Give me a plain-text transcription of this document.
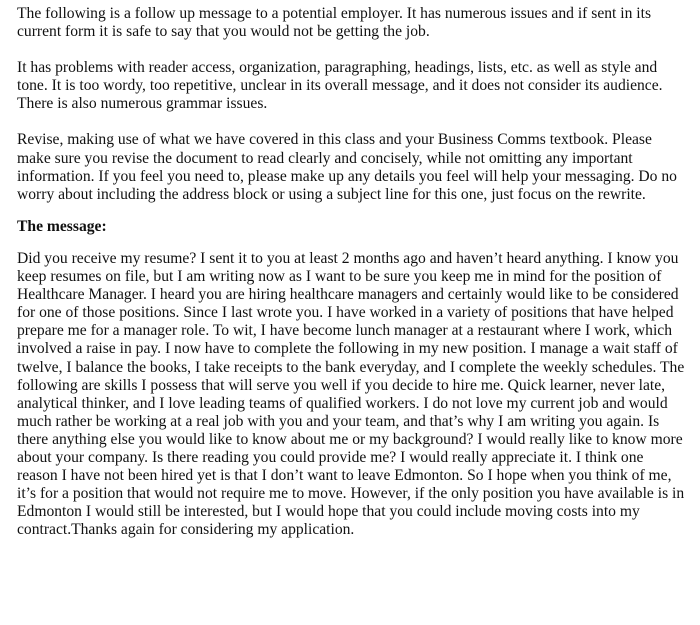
The following is a follow up message to a potential employer. It has numerous issues and if sent in its current form it is safe to say that you would not be getting the job.

It has problems with reader access, organization, paragraphing, headings, lists, etc. as well as style and tone. It is too wordy, too repetitive, unclear in its overall message, and it does not consider its audience. There is also numerous grammar issues.

Revise, making use of what we have covered in this class and your Business Comms textbook. Please make sure you revise the document to read clearly and concisely, while not omitting any important information. If you feel you need to, please make up any details you feel will help your messaging. Do no worry about including the address block or using a subject line for this one, just focus on the rewrite.

The message:

Did you receive my resume? I sent it to you at least 2 months ago and haven’t heard anything. I know you keep resumes on file, but I am writing now as I want to be sure you keep me in mind for the position of Healthcare Manager. I heard you are hiring healthcare managers and certainly would like to be considered for one of those positions. Since I last wrote you. I have worked in a variety of positions that have helped prepare me for a manager role. To wit, I have become lunch manager at a restaurant where I work, which involved a raise in pay. I now have to complete the following in my new position. I manage a wait staff of twelve, I balance the books, I take receipts to the bank everyday, and I complete the weekly schedules. The following are skills I possess that will serve you well if you decide to hire me. Quick learner, never late, analytical thinker, and I love leading teams of qualified workers. I do not love my current job and would much rather be working at a real job with you and your team, and that’s why I am writing you again. Is there anything else you would like to know about me or my background? I would really like to know more about your company. Is there reading you could provide me? I would really appreciate it. I think one reason I have not been hired yet is that I don’t want to leave Edmonton. So I hope when you think of me, it’s for a position that would not require me to move. However, if the only position you have available is in Edmonton I would still be interested, but I would hope that you could include moving costs into my contract.Thanks again for considering my application.
